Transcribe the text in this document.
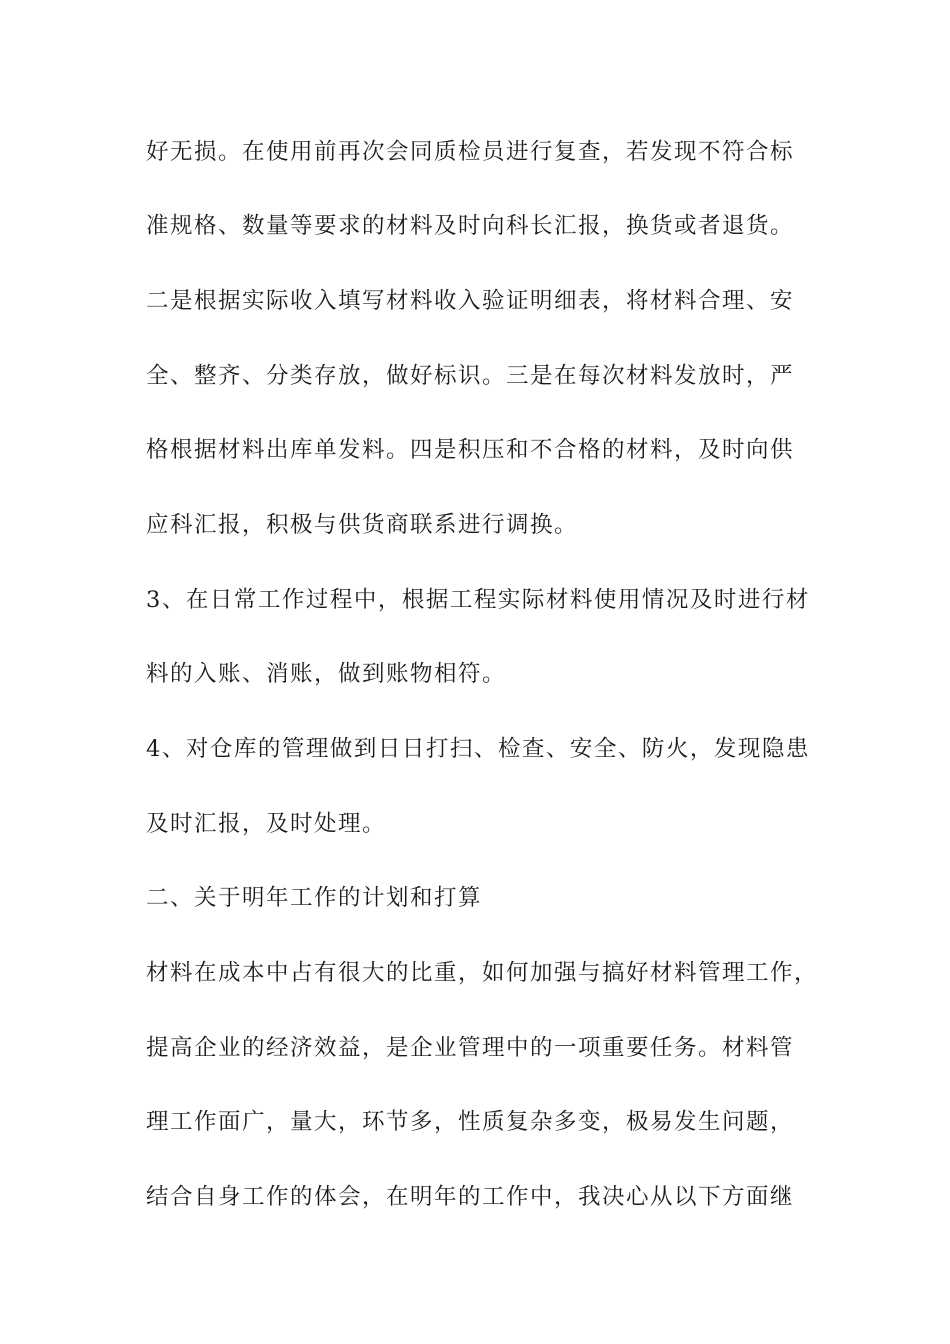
好无损。在使用前再次会同质检员进行复查，若发现不符合标

准规格、数量等要求的材料及时向科长汇报，换货或者退货。

二是根据实际收入填写材料收入验证明细表，将材料合理、安

全、整齐、分类存放，做好标识。三是在每次材料发放时，严

格根据材料出库单发料。四是积压和不合格的材料，及时向供

应科汇报，积极与供货商联系进行调换。

3、在日常工作过程中，根据工程实际材料使用情况及时进行材

料的入账、消账，做到账物相符。

4、对仓库的管理做到日日打扫、检查、安全、防火，发现隐患

及时汇报，及时处理。

二、关于明年工作的计划和打算

材料在成本中占有很大的比重，如何加强与搞好材料管理工作，

提高企业的经济效益，是企业管理中的一项重要任务。材料管

理工作面广，量大，环节多，性质复杂多变，极易发生问题，

结合自身工作的体会，在明年的工作中，我决心从以下方面继
